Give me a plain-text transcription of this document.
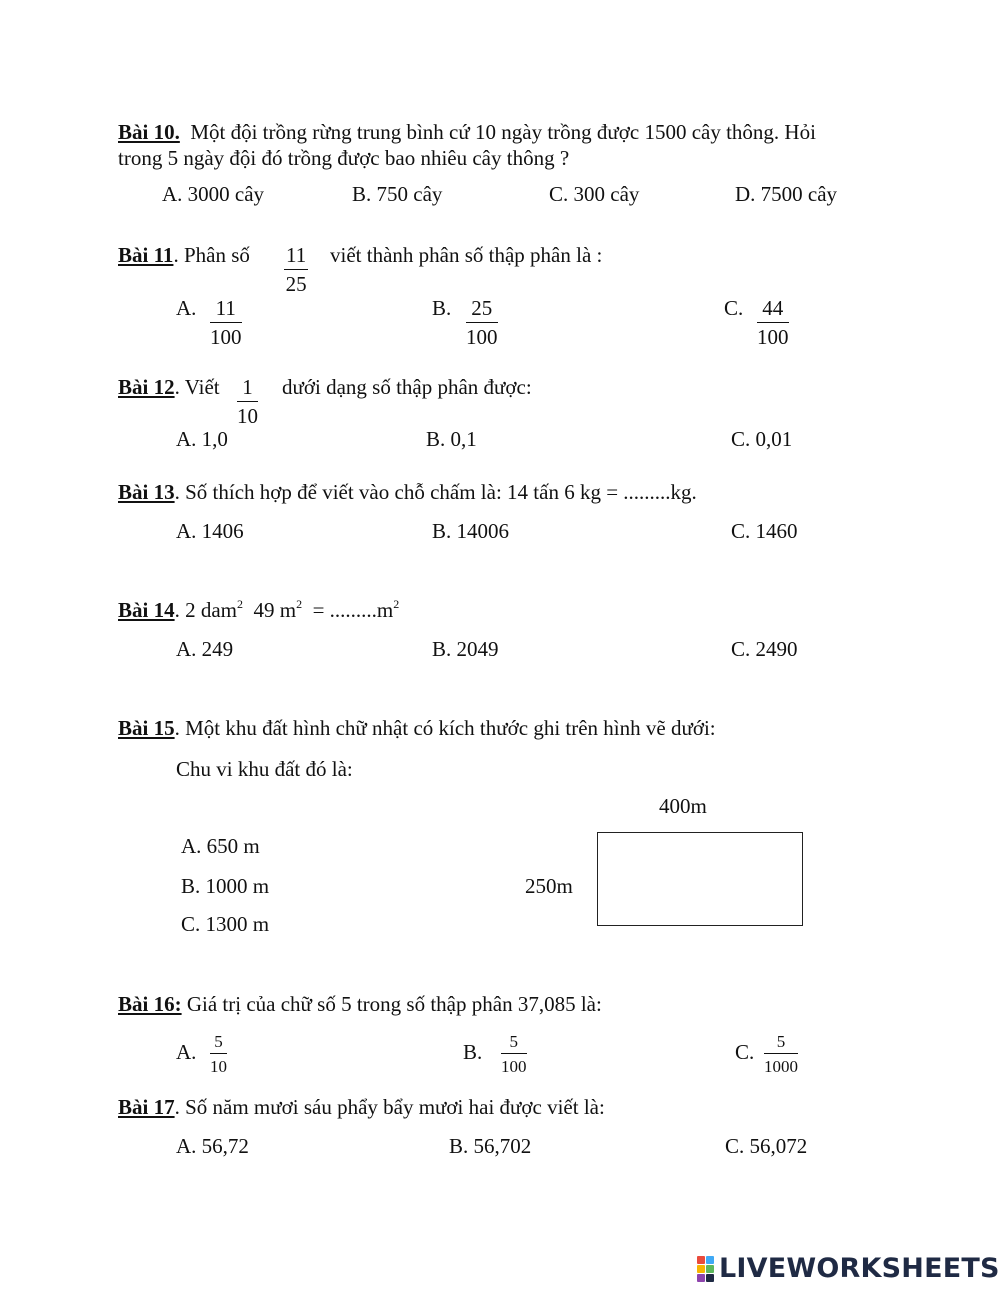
Bài 10. Một đội trồng rừng trung bình cứ 10 ngày trồng được 1500 cây thông. Hỏi
trong 5 ngày đội đó trồng được bao nhiêu cây thông ?
A. 3000 cây	B. 750 cây	C. 300 cây	D. 7500 cây
Bài 11. Phân số $\frac{11}{25}$ viết thành phân số thập phân là :
A. $\frac{11}{100}$	B. $\frac{25}{100}$	C. $\frac{44}{100}$
Bài 12. Viết $\frac{1}{10}$ dưới dạng số thập phân được:
A. 1,0	B. 0,1	C. 0,01
Bài 13. Số thích hợp để viết vào chỗ chấm là: 14 tấn 6 kg = .........kg.
A. 1406	B. 14006	C. 1460
Bài 14. 2 dam$^2$  49 $m^2 = .........m^2$
A. 249	B. 2049	C. 2490
Bài 15. Một khu đất hình chữ nhật có kích thước ghi trên hình vẽ dưới:
Chu vi khu đất đó là:
400m
250m
A. 650 m
B. 1000 m
C. 1300 m
Bài 16: Giá trị của chữ số 5 trong số thập phân 37,085 là:
A. $\frac{5}{10}$	B. $\frac{5}{100}$	C. $\frac{5}{1000}$
Bài 17. Số năm mươi sáu phẩy bẩy mươi hai được viết là:
A. 56,72	B. 56,702	C. 56,072
LIVEWORKSHEETS
